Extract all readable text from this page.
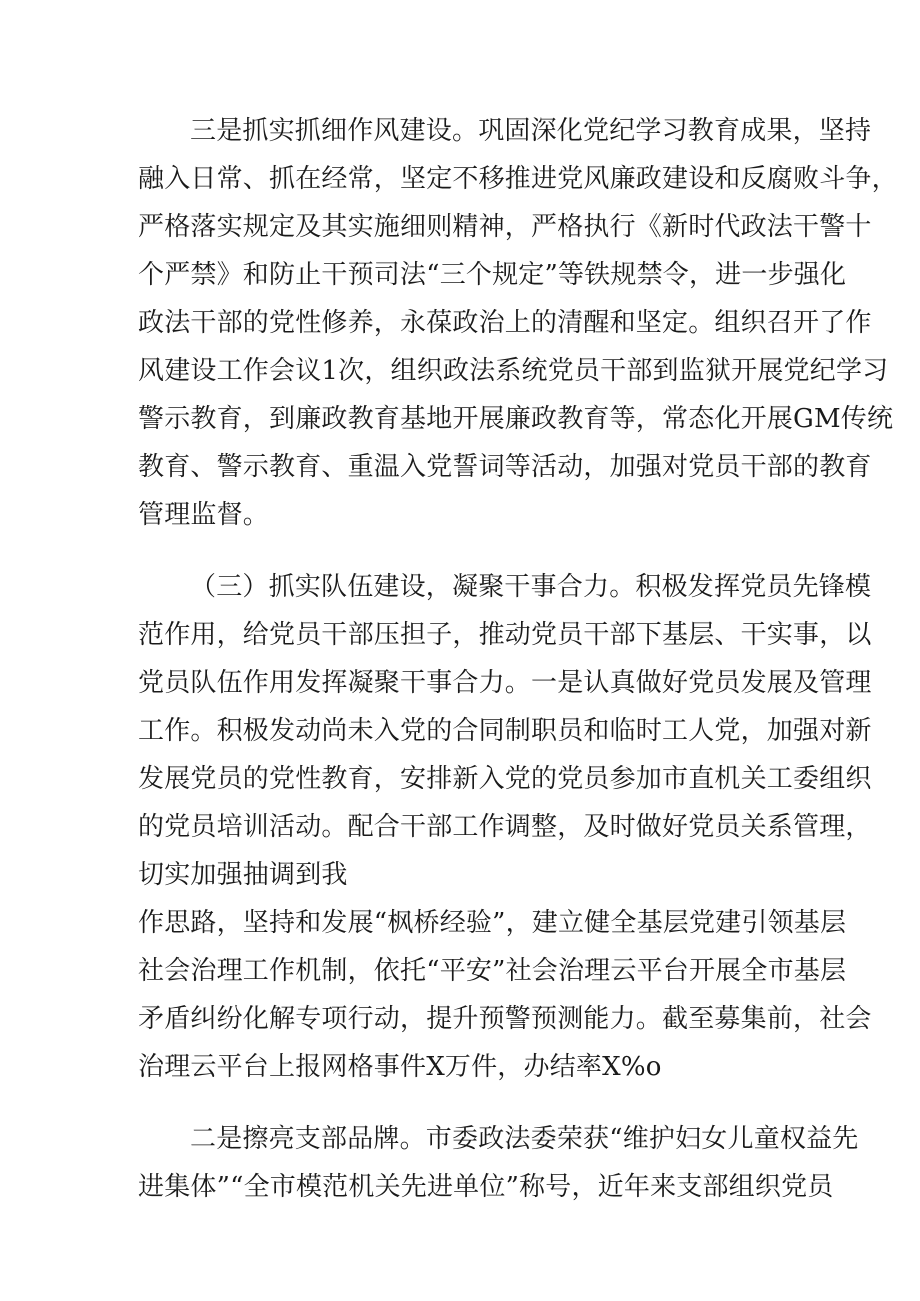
三是抓实抓细作风建设。巩固深化党纪学习教育成果，坚持
融入日常、抓在经常，坚定不移推进党风廉政建设和反腐败斗争，
严格落实规定及其实施细则精神，严格执行《新时代政法干警十
个严禁》和防止干预司法“三个规定”等铁规禁令，进一步强化
政法干部的党性修养，永葆政治上的清醒和坚定。组织召开了作
风建设工作会议1次，组织政法系统党员干部到监狱开展党纪学习
警示教育，到廉政教育基地开展廉政教育等，常态化开展GM传统
教育、警示教育、重温入党誓词等活动，加强对党员干部的教育
管理监督。
（三）抓实队伍建设，凝聚干事合力。积极发挥党员先锋模
范作用，给党员干部压担子，推动党员干部下基层、干实事，以
党员队伍作用发挥凝聚干事合力。一是认真做好党员发展及管理
工作。积极发动尚未入党的合同制职员和临时工人党，加强对新
发展党员的党性教育，安排新入党的党员参加市直机关工委组织
的党员培训活动。配合干部工作调整，及时做好党员关系管理，
切实加强抽调到我
作思路，坚持和发展“枫桥经验”，建立健全基层党建引领基层
社会治理工作机制，依托“平安”社会治理云平台开展全市基层
矛盾纠纷化解专项行动，提升预警预测能力。截至募集前，社会
治理云平台上报网格事件X万件，办结率X%o
二是擦亮支部品牌。市委政法委荣获“维护妇女儿童权益先
进集体”“全市模范机关先进单位”称号，近年来支部组织党员
